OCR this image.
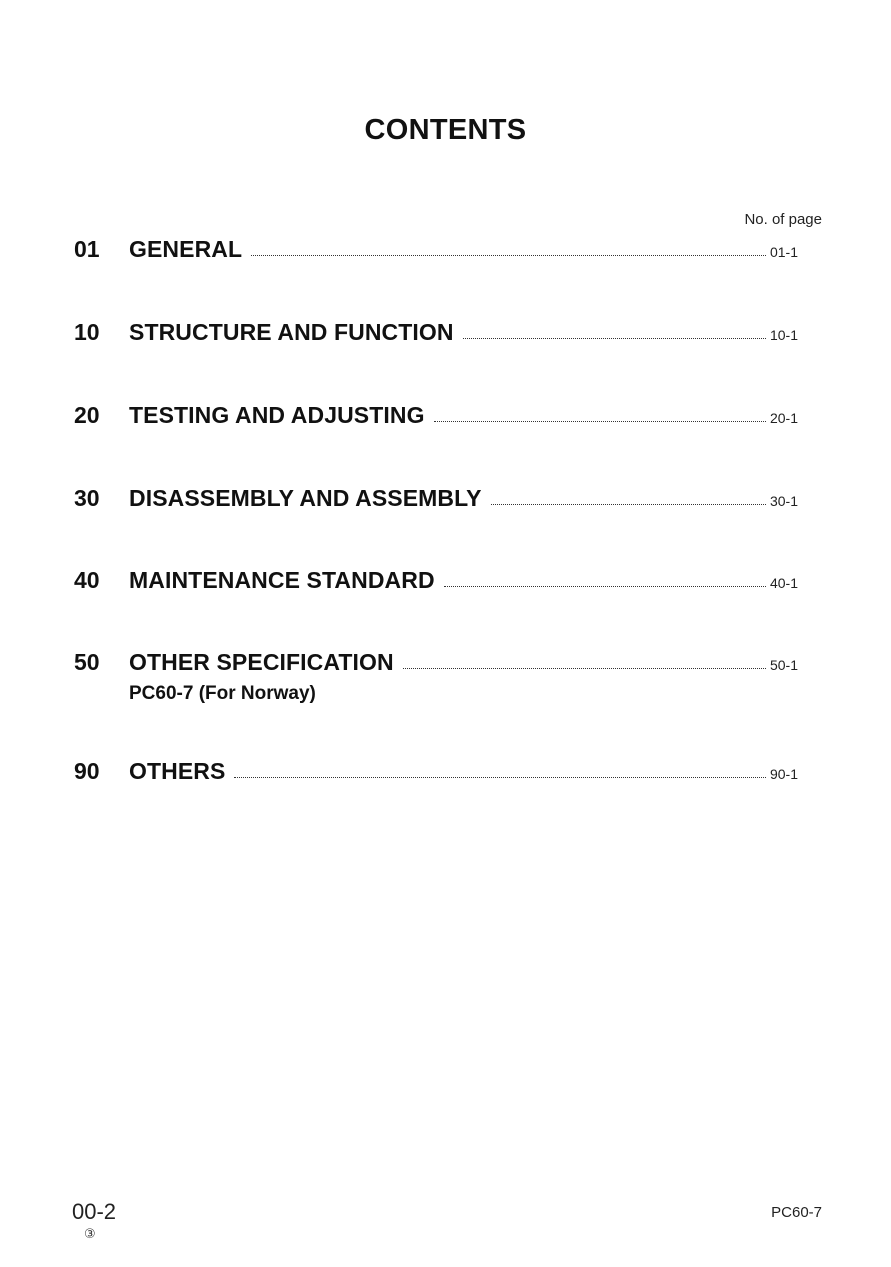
CONTENTS
No. of page
01	GENERAL	01-1
10	STRUCTURE AND FUNCTION	10-1
20	TESTING AND ADJUSTING	20-1
30	DISASSEMBLY AND ASSEMBLY	30-1
40	MAINTENANCE STANDARD	40-1
50	OTHER SPECIFICATION	50-1
PC60-7 (For Norway)
90	OTHERS	90-1
00-2
③
PC60-7
